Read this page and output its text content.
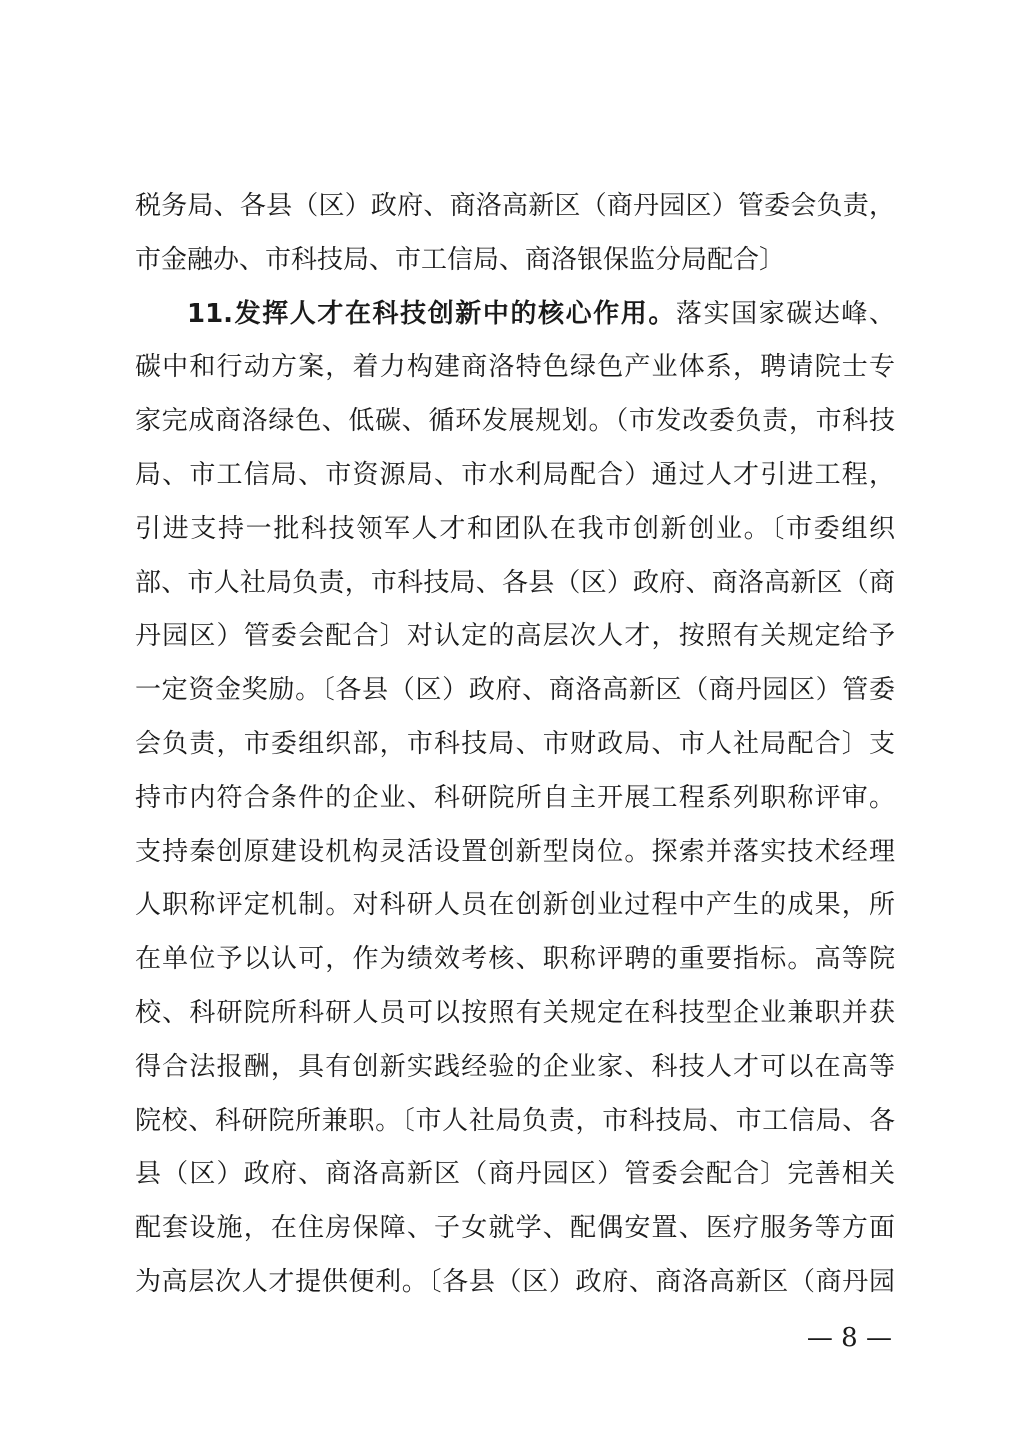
税务局、各县（区）政府、商洛高新区（商丹园区）管委会负责，
市金融办、市科技局、市工信局、商洛银保监分局配合〕
11.发挥人才在科技创新中的核心作用。落实国家碳达峰、
碳中和行动方案，着力构建商洛特色绿色产业体系，聘请院士专
家完成商洛绿色、低碳、循环发展规划。（市发改委负责，市科技
局、市工信局、市资源局、市水利局配合）通过人才引进工程，
引进支持一批科技领军人才和团队在我市创新创业。〔市委组织
部、市人社局负责，市科技局、各县（区）政府、商洛高新区（商
丹园区）管委会配合〕对认定的高层次人才，按照有关规定给予
一定资金奖励。〔各县（区）政府、商洛高新区（商丹园区）管委
会负责，市委组织部，市科技局、市财政局、市人社局配合〕支
持市内符合条件的企业、科研院所自主开展工程系列职称评审。
支持秦创原建设机构灵活设置创新型岗位。探索并落实技术经理
人职称评定机制。对科研人员在创新创业过程中产生的成果，所
在单位予以认可，作为绩效考核、职称评聘的重要指标。高等院
校、科研院所科研人员可以按照有关规定在科技型企业兼职并获
得合法报酬，具有创新实践经验的企业家、科技人才可以在高等
院校、科研院所兼职。〔市人社局负责，市科技局、市工信局、各
县（区）政府、商洛高新区（商丹园区）管委会配合〕完善相关
配套设施，在住房保障、子女就学、配偶安置、医疗服务等方面
为高层次人才提供便利。〔各县（区）政府、商洛高新区（商丹园
— 8 —
